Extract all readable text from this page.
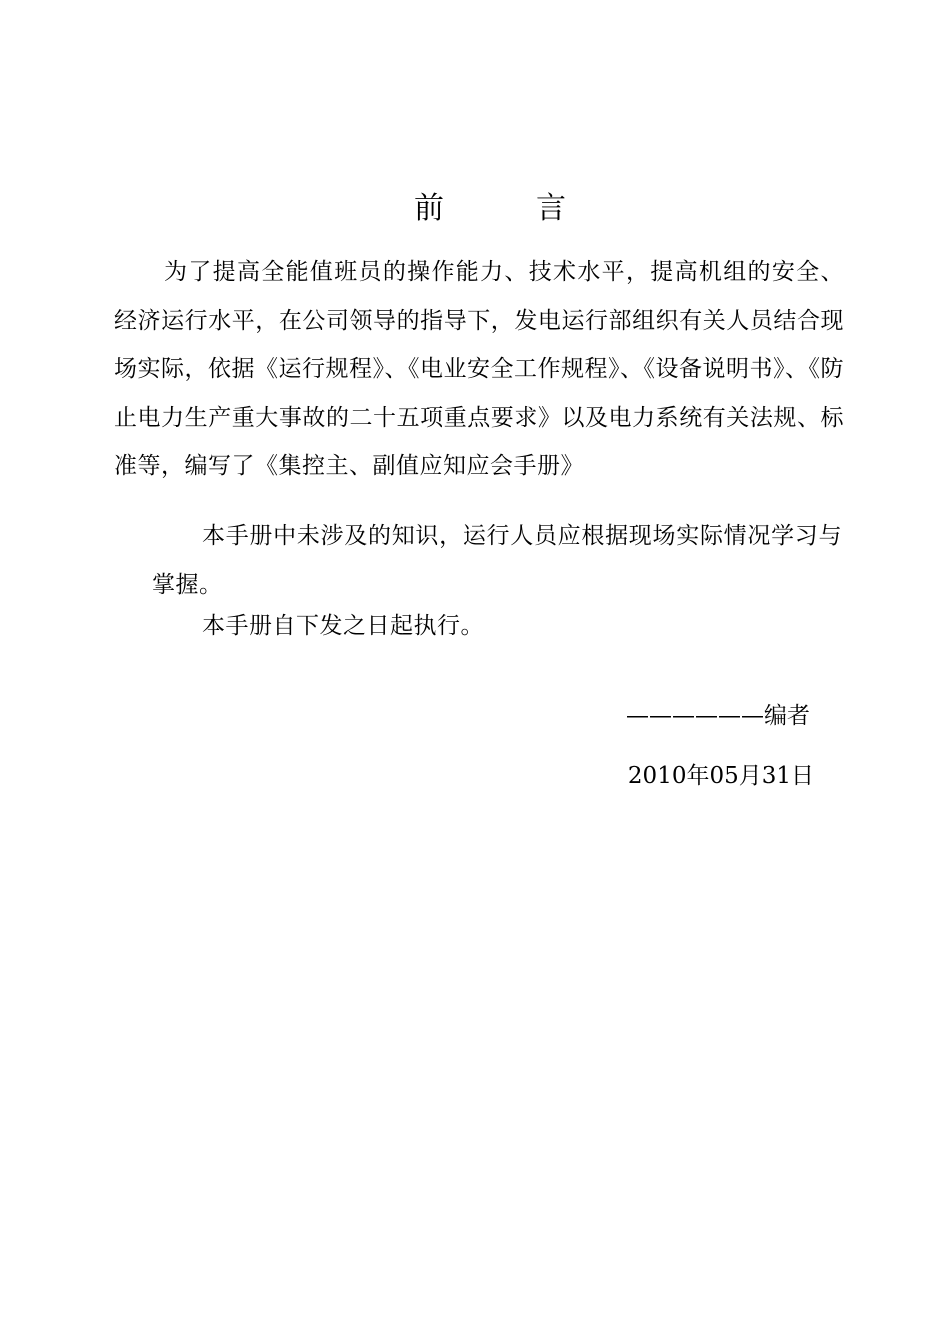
前言

为了提高全能值班员的操作能力、技术水平，提高机组的安全、经济运行水平，在公司领导的指导下，发电运行部组织有关人员结合现场实际，依据《运行规程》、《电业安全工作规程》、《设备说明书》、《防止电力生产重大事故的二十五项重点要求》以及电力系统有关法规、标准等，编写了《集控主、副值应知应会手册》

本手册中未涉及的知识，运行人员应根据现场实际情况学习与掌握。

本手册自下发之日起执行。

——————编者
2010年05月31日
